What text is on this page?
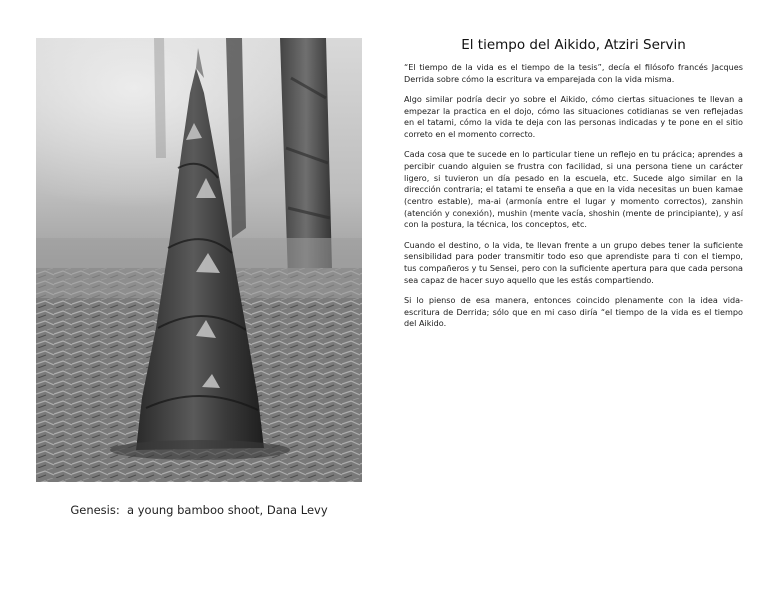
Genesis:  a young bamboo shoot, Dana Levy
El tiempo del Aikido, Atziri Servin

“El tiempo de la vida es el tiempo de la tesis”, decía el filósofo francés Jacques Derrida sobre cómo la escritura va emparejada con la vida misma.

Algo similar podría decir yo sobre el Aikido, cómo ciertas situaciones te llevan a empezar la practica en el dojo, cómo las situaciones cotidianas se ven reflejadas en el tatami, cómo la vida te deja con las personas indicadas y te pone en el sitio correto en el momento correcto.

Cada cosa que te sucede en lo particular tiene un reflejo en tu prácica; aprendes a percibir cuando alguien se frustra con facilidad, si una persona tiene un carácter ligero, si tuvieron un día pesado en la escuela, etc. Sucede algo similar en la dirección contraria; el tatami te enseña a que en la vida necesitas un buen kamae (centro estable), ma-ai (armonía entre el lugar y momento correctos), zanshin (atención y conexión), mushin (mente vacía, shoshin (mente de principiante), y así con la postura, la técnica, los conceptos, etc.

Cuando el destino, o la vida, te llevan frente a un grupo debes tener la suficiente sensibilidad para poder transmitir todo eso que aprendiste para ti con el tiempo, tus compañeros y tu Sensei, pero con la suficiente apertura para que cada persona sea capaz de hacer suyo aquello que les estás compartiendo.

Si lo pienso de esa manera, entonces coincido plenamente con la idea vida-escritura de Derrida; sólo que en mi caso diría “el tiempo de la vida es el tiempo del Aikido.
